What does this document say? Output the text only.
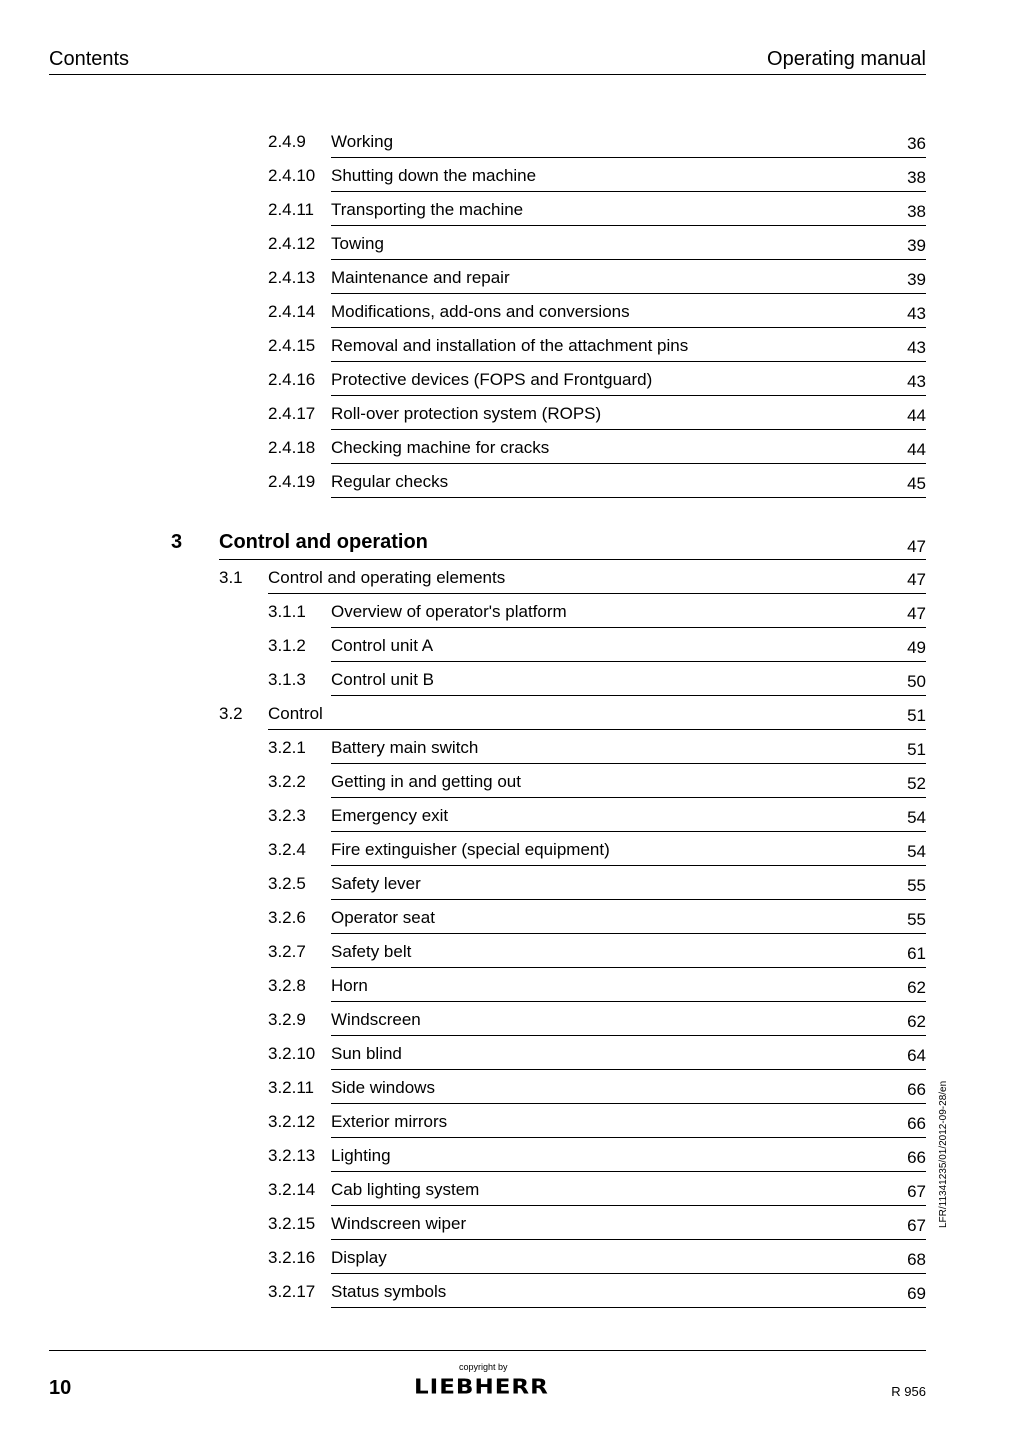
Contents	Operating manual
2.4.9 Working	36
2.4.10 Shutting down the machine	38
2.4.11 Transporting the machine	38
2.4.12 Towing	39
2.4.13 Maintenance and repair	39
2.4.14 Modifications, add-ons and conversions	43
2.4.15 Removal and installation of the attachment pins	43
2.4.16 Protective devices (FOPS and Frontguard)	43
2.4.17 Roll-over protection system (ROPS)	44
2.4.18 Checking machine for cracks	44
2.4.19 Regular checks	45
3 Control and operation	47
3.1 Control and operating elements	47
3.1.1 Overview of operator's platform	47
3.1.2 Control unit A	49
3.1.3 Control unit B	50
3.2 Control	51
3.2.1 Battery main switch	51
3.2.2 Getting in and getting out	52
3.2.3 Emergency exit	54
3.2.4 Fire extinguisher (special equipment)	54
3.2.5 Safety lever	55
3.2.6 Operator seat	55
3.2.7 Safety belt	61
3.2.8 Horn	62
3.2.9 Windscreen	62
3.2.10 Sun blind	64
3.2.11 Side windows	66
3.2.12 Exterior mirrors	66
3.2.13 Lighting	66
3.2.14 Cab lighting system	67
3.2.15 Windscreen wiper	67
3.2.16 Display	68
3.2.17 Status symbols	69
LFR/11341235/01/2012-09-28/en
10
copyright by
LIEBHERR	R 956
